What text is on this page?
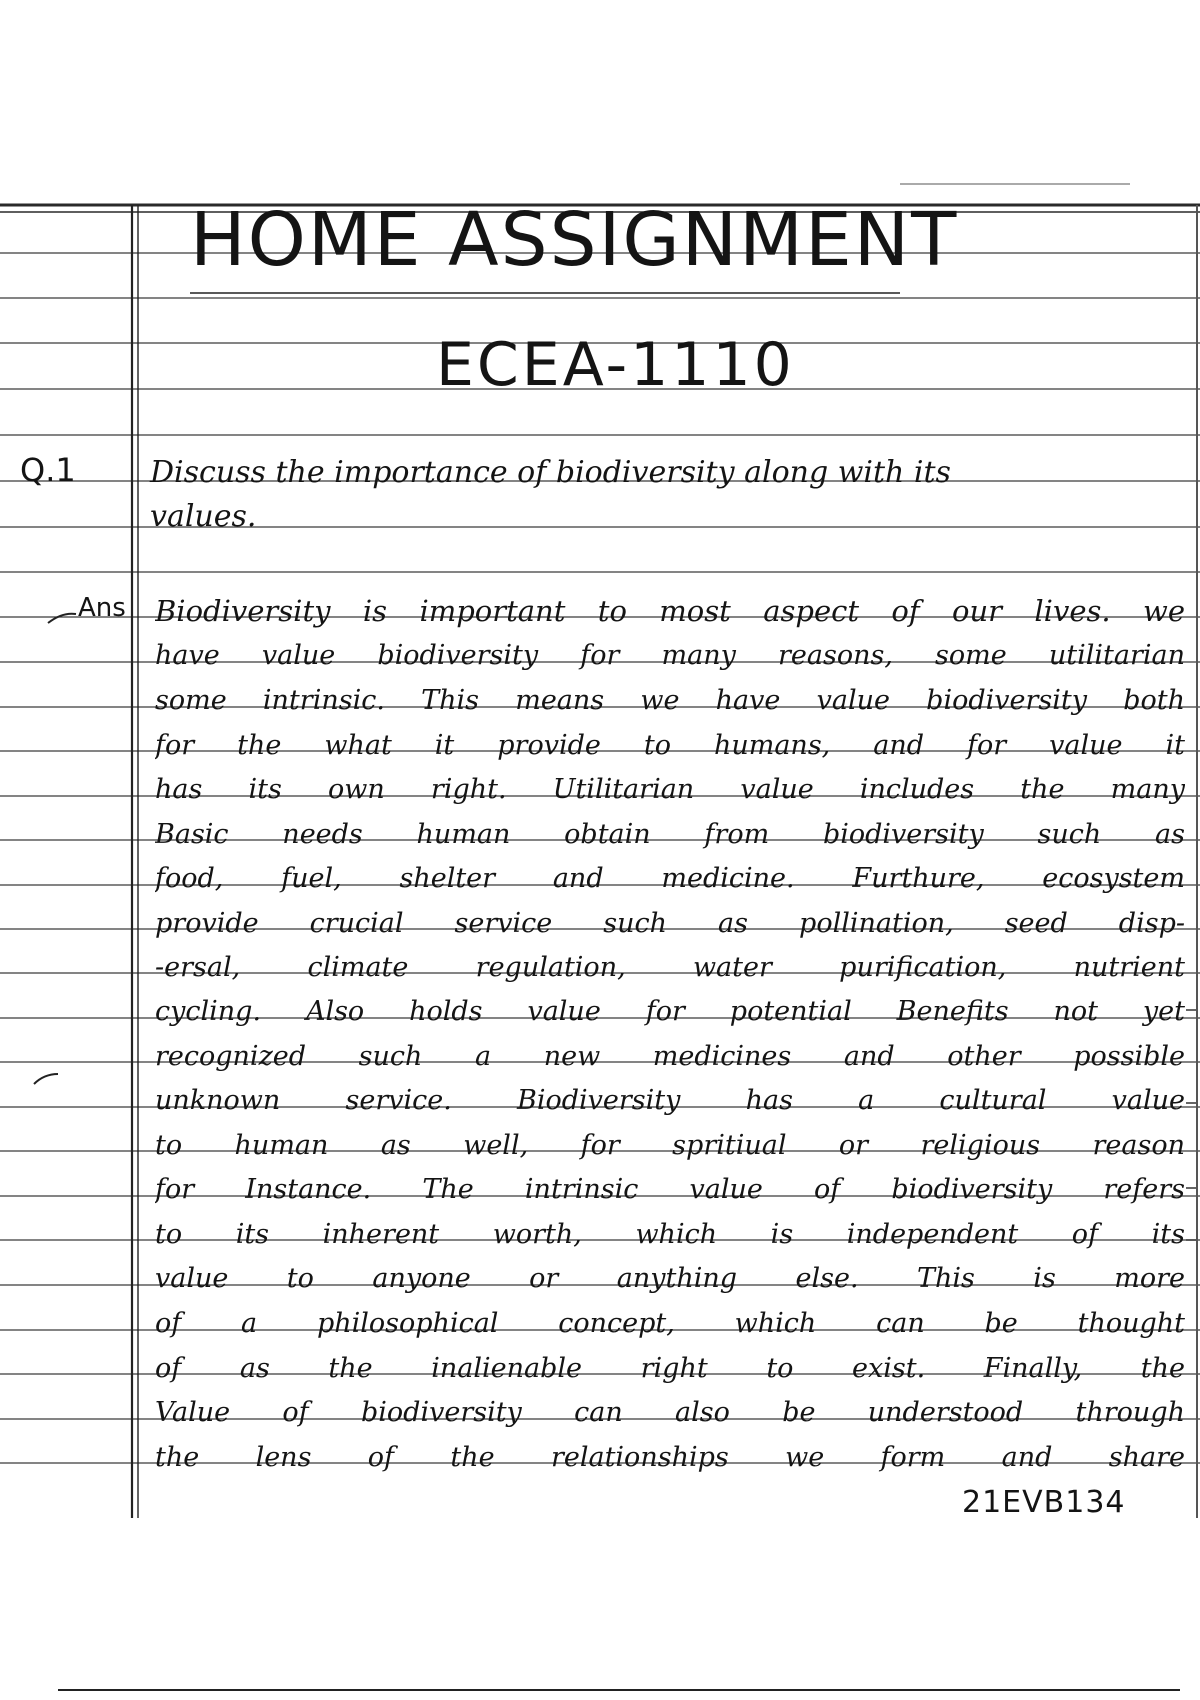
HOME ASSIGNMENT
ECEA-1110
Q.1 Discuss the importance of biodiversity along with its
values.
Ans Biodiversity is important to most aspect of our lives. we
have value biodiversity for many reasons, some utilitarian
some intrinsic. This means we have value biodiversity both
for the what it provide to humans, and for value it
has its own right. Utilitarian value includes the many
Basic needs human obtain from biodiversity such as
food, fuel, shelter and medicine. Furthure, ecosystem
provide crucial service such as pollination, seed disp-
-ersal, climate regulation, water purification, nutrient
cycling. Also holds value for potential Benefits not yet
recognized such a new medicines and other possible
unknown service. Biodiversity has a cultural value
to human as well, for spritiual or religious reason
for Instance. The intrinsic value of biodiversity refers
to its inherent worth, which is independent of its
value to anyone or anything else. This is more
of a philosophical concept, which can be thought
of as the inalienable right to exist. Finally, the
Value of biodiversity can also be understood through
the lens of the relationships we form and share
21EVB134
